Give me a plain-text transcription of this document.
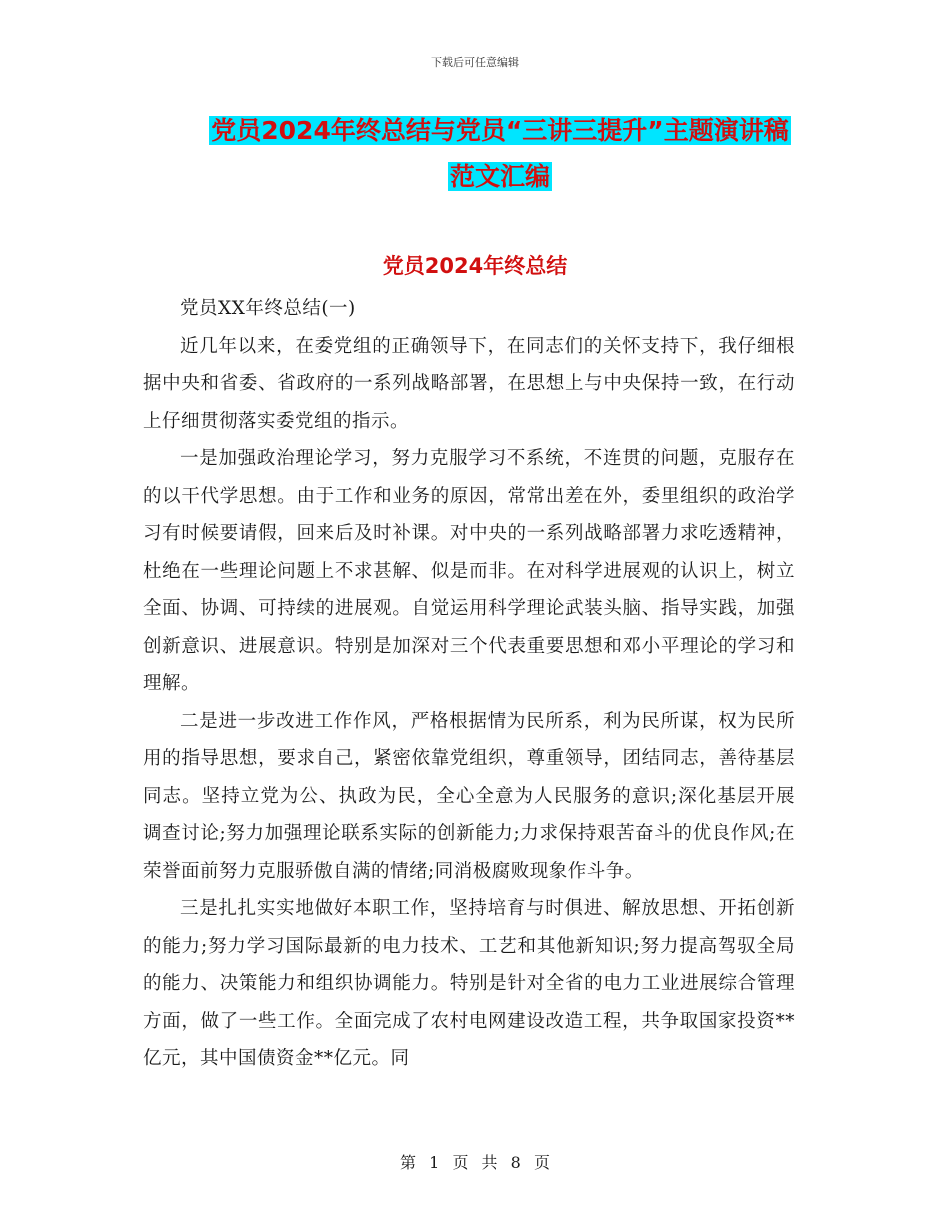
下载后可任意编辑
党员2024年终总结与党员“三讲三提升”主题演讲稿
范文汇编
党员2024年终总结

党员XX年终总结(一)

近几年以来，在委党组的正确领导下，在同志们的关怀支持下，我仔细根据中央和省委、省政府的一系列战略部署，在思想上与中央保持一致，在行动上仔细贯彻落实委党组的指示。

一是加强政治理论学习，努力克服学习不系统，不连贯的问题，克服存在的以干代学思想。由于工作和业务的原因，常常出差在外，委里组织的政治学习有时候要请假，回来后及时补课。对中央的一系列战略部署力求吃透精神，杜绝在一些理论问题上不求甚解、似是而非。在对科学进展观的认识上，树立全面、协调、可持续的进展观。自觉运用科学理论武装头脑、指导实践，加强创新意识、进展意识。特别是加深对三个代表重要思想和邓小平理论的学习和理解。

二是进一步改进工作作风，严格根据情为民所系，利为民所谋，权为民所用的指导思想，要求自己，紧密依靠党组织，尊重领导，团结同志，善待基层同志。坚持立党为公、执政为民，全心全意为人民服务的意识;深化基层开展调查讨论;努力加强理论联系实际的创新能力;力求保持艰苦奋斗的优良作风;在荣誉面前努力克服骄傲自满的情绪;同消极腐败现象作斗争。

三是扎扎实实地做好本职工作，坚持培育与时俱进、解放思想、开拓创新的能力;努力学习国际最新的电力技术、工艺和其他新知识;努力提高驾驭全局的能力、决策能力和组织协调能力。特别是针对全省的电力工业进展综合管理方面，做了一些工作。全面完成了农村电网建设改造工程，共争取国家投资**亿元，其中国债资金**亿元。同

第 1 页 共 8 页
